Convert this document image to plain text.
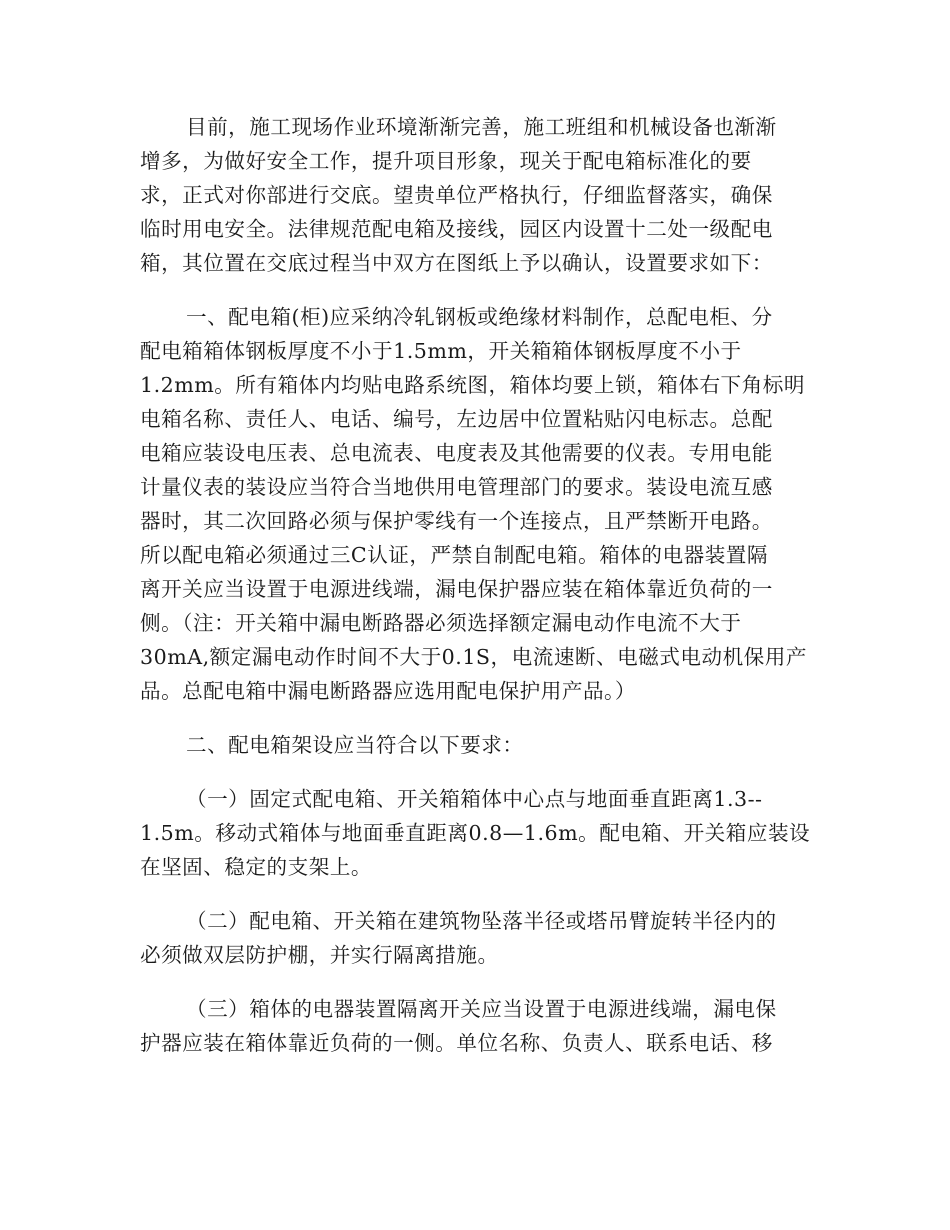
目前，施工现场作业环境渐渐完善，施工班组和机械设备也渐渐
增多，为做好安全工作，提升项目形象，现关于配电箱标准化的要
求，正式对你部进行交底。望贵单位严格执行，仔细监督落实，确保
临时用电安全。法律规范配电箱及接线，园区内设置十二处一级配电
箱，其位置在交底过程当中双方在图纸上予以确认，设置要求如下：
一、配电箱(柜)应采纳冷轧钢板或绝缘材料制作，总配电柜、分
配电箱箱体钢板厚度不小于1.5mm，开关箱箱体钢板厚度不小于
1.2mm。所有箱体内均贴电路系统图，箱体均要上锁，箱体右下角标明
电箱名称、责任人、电话、编号，左边居中位置粘贴闪电标志。总配
电箱应装设电压表、总电流表、电度表及其他需要的仪表。专用电能
计量仪表的装设应当符合当地供用电管理部门的要求。装设电流互感
器时，其二次回路必须与保护零线有一个连接点，且严禁断开电路。
所以配电箱必须通过三C认证，严禁自制配电箱。箱体的电器装置隔
离开关应当设置于电源进线端，漏电保护器应装在箱体靠近负荷的一
侧。（注：开关箱中漏电断路器必须选择额定漏电动作电流不大于
30mA,额定漏电动作时间不大于0.1S，电流速断、电磁式电动机保用产
品。总配电箱中漏电断路器应选用配电保护用产品。）
二、配电箱架设应当符合以下要求：
（一）固定式配电箱、开关箱箱体中心点与地面垂直距离1.3--
1.5m。移动式箱体与地面垂直距离0.8—1.6m。配电箱、开关箱应装设
在坚固、稳定的支架上。
（二）配电箱、开关箱在建筑物坠落半径或塔吊臂旋转半径内的
必须做双层防护棚，并实行隔离措施。
（三）箱体的电器装置隔离开关应当设置于电源进线端，漏电保
护器应装在箱体靠近负荷的一侧。单位名称、负责人、联系电话、移
